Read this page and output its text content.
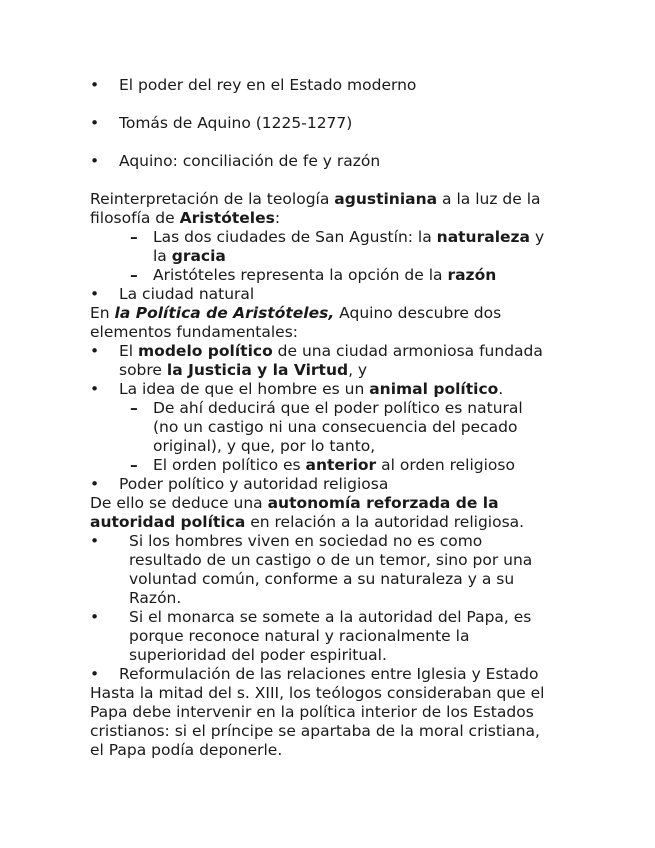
• El poder del rey en el Estado moderno
• Tomás de Aquino (1225-1277)
• Aquino: conciliación de fe y razón
Reinterpretación de la teología agustiniana a la luz de la
filosofía de Aristóteles:
– Las dos ciudades de San Agustín: la naturaleza y
la gracia
– Aristóteles representa la opción de la razón
• La ciudad natural
En la Política de Aristóteles, Aquino descubre dos
elementos fundamentales:
• El modelo político de una ciudad armoniosa fundada
sobre la Justicia y la Virtud, y
• La idea de que el hombre es un animal político.
– De ahí deducirá que el poder político es natural
(no un castigo ni una consecuencia del pecado
original), y que, por lo tanto,
– El orden político es anterior al orden religioso
• Poder político y autoridad religiosa
De ello se deduce una autonomía reforzada de la
autoridad política en relación a la autoridad religiosa.
• Si los hombres viven en sociedad no es como
resultado de un castigo o de un temor, sino por una
voluntad común, conforme a su naturaleza y a su
Razón.
• Si el monarca se somete a la autoridad del Papa, es
porque reconoce natural y racionalmente la
superioridad del poder espiritual.
• Reformulación de las relaciones entre Iglesia y Estado
Hasta la mitad del s. XIII, los teólogos consideraban que el
Papa debe intervenir en la política interior de los Estados
cristianos: si el príncipe se apartaba de la moral cristiana,
el Papa podía deponerle.
